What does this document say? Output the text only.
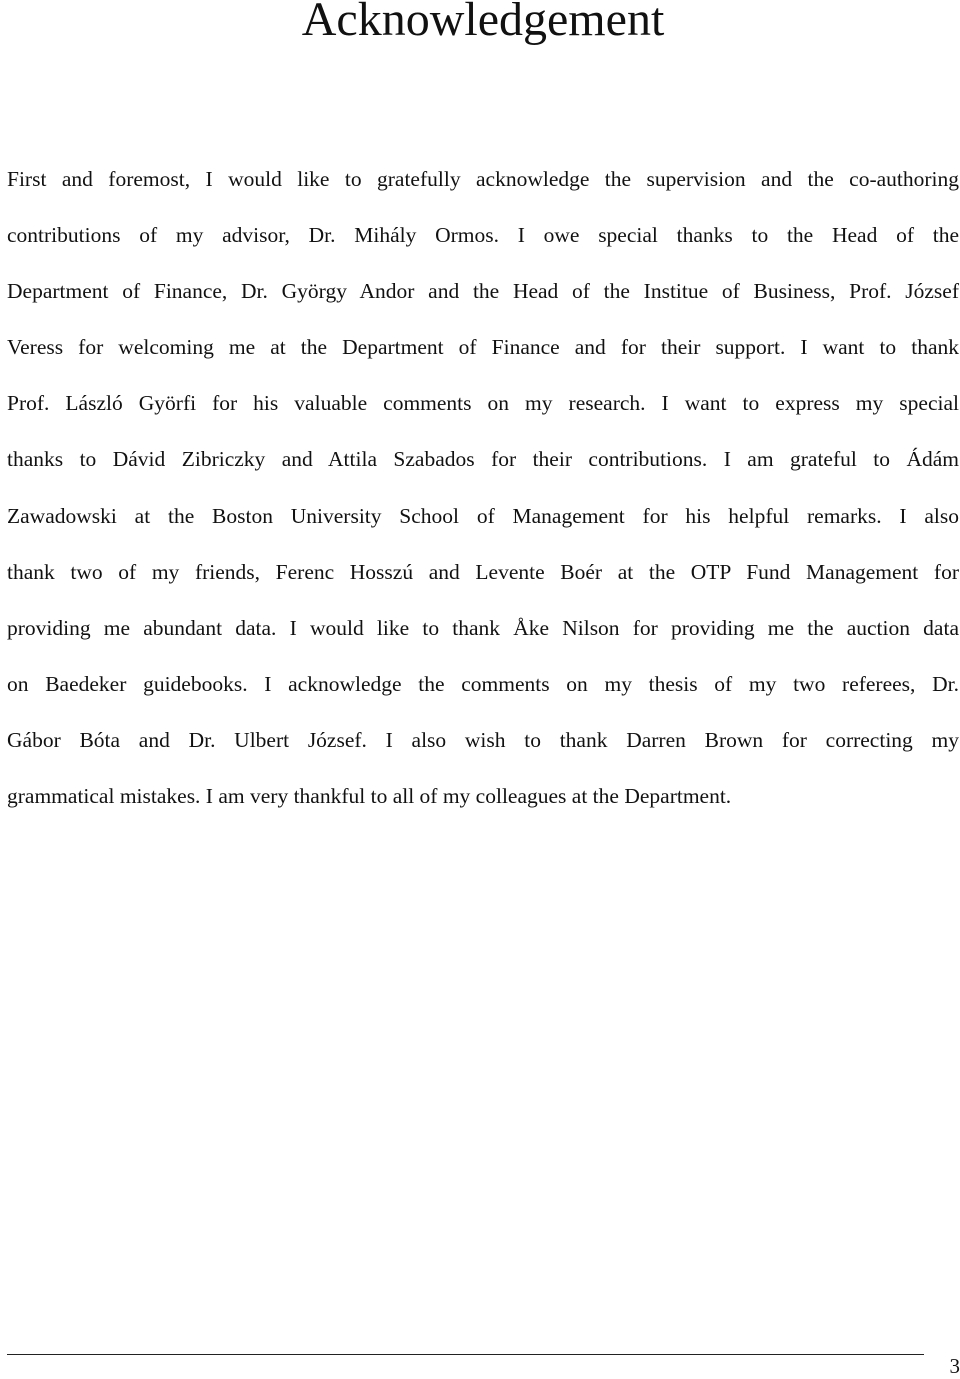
Acknowledgement
First and foremost, I would like to gratefully acknowledge the supervision and the co-authoring
contributions of my advisor, Dr. Mihály Ormos. I owe special thanks to the Head of the
Department of Finance, Dr. György Andor and the Head of the Institue of Business, Prof. József
Veress for welcoming me at the Department of Finance and for their support. I want to thank
Prof. László Györfi for his valuable comments on my research. I want to express my special
thanks to Dávid Zibriczky and Attila Szabados for their contributions. I am grateful to Ádám
Zawadowski at the Boston University School of Management for his helpful remarks. I also
thank two of my friends, Ferenc Hosszú and Levente Boér at the OTP Fund Management for
providing me abundant data. I would like to thank Åke Nilson for providing me the auction data
on Baedeker guidebooks. I acknowledge the comments on my thesis of my two referees, Dr.
Gábor Bóta and Dr. Ulbert József. I also wish to thank Darren Brown for correcting my
grammatical mistakes. I am very thankful to all of my colleagues at the Department.
3
